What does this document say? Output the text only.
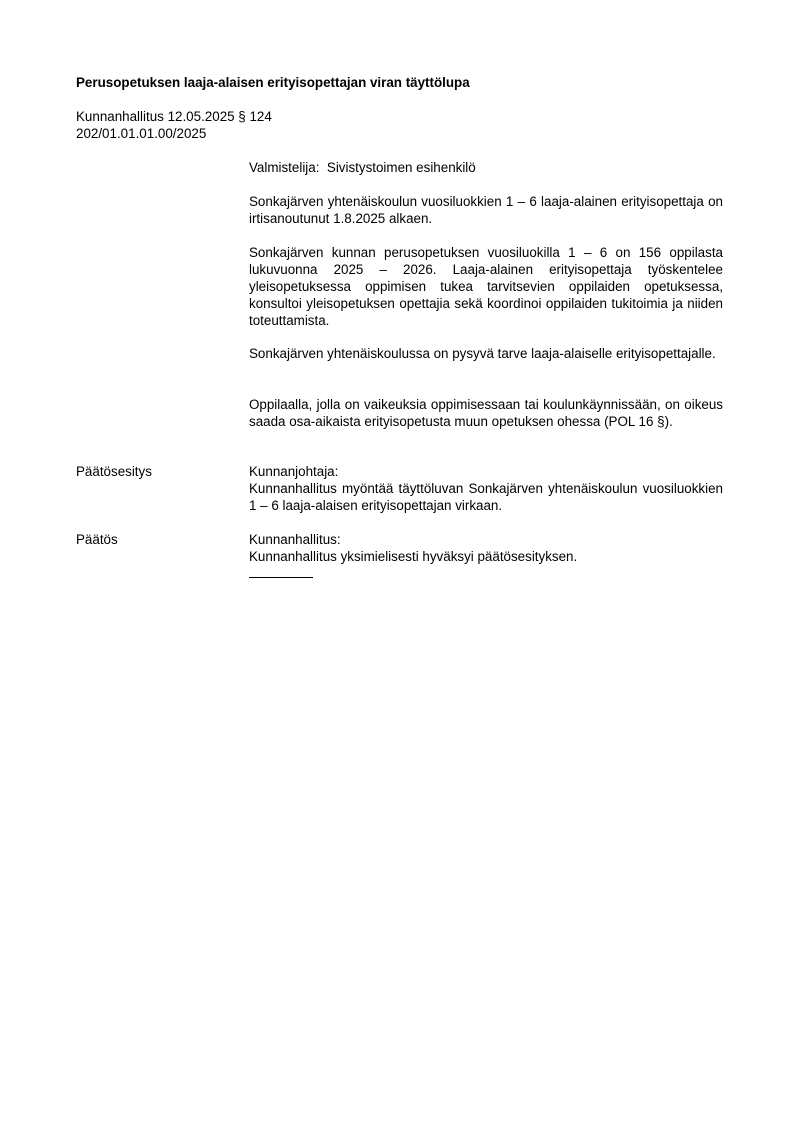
Perusopetuksen laaja-alaisen erityisopettajan viran täyttölupa
Kunnanhallitus 12.05.2025 § 124
202/01.01.01.00/2025

Valmistelija:  Sivistystoimen esihenkilö

Sonkajärven yhtenäiskoulun vuosiluokkien 1 – 6 laaja-alainen erityisopettaja on irtisanoutunut 1.8.2025 alkaen.

Sonkajärven kunnan perusopetuksen vuosiluokilla 1 – 6 on 156 oppilasta lukuvuonna 2025 – 2026. Laaja-alainen erityisopettaja työskentelee yleisopetuksessa oppimisen tukea tarvitsevien oppilaiden opetuksessa, konsultoi yleisopetuksen opettajia sekä koordinoi oppilaiden tukitoimia ja niiden toteuttamista.

Sonkajärven yhtenäiskoulussa on pysyvä tarve laaja-alaiselle erityisopettajalle.

Oppilaalla, jolla on vaikeuksia oppimisessaan tai koulunkäynnissään, on oikeus saada osa-aikaista erityisopetusta muun opetuksen ohessa (POL 16 §).

Päätösesitys	Kunnanjohtaja:

Kunnanhallitus myöntää täyttöluvan Sonkajärven yhtenäiskoulun vuosiluokkien 1 – 6 laaja-alaisen erityisopettajan virkaan.

Päätös	Kunnanhallitus:

Kunnanhallitus yksimielisesti hyväksyi päätösesityksen.
